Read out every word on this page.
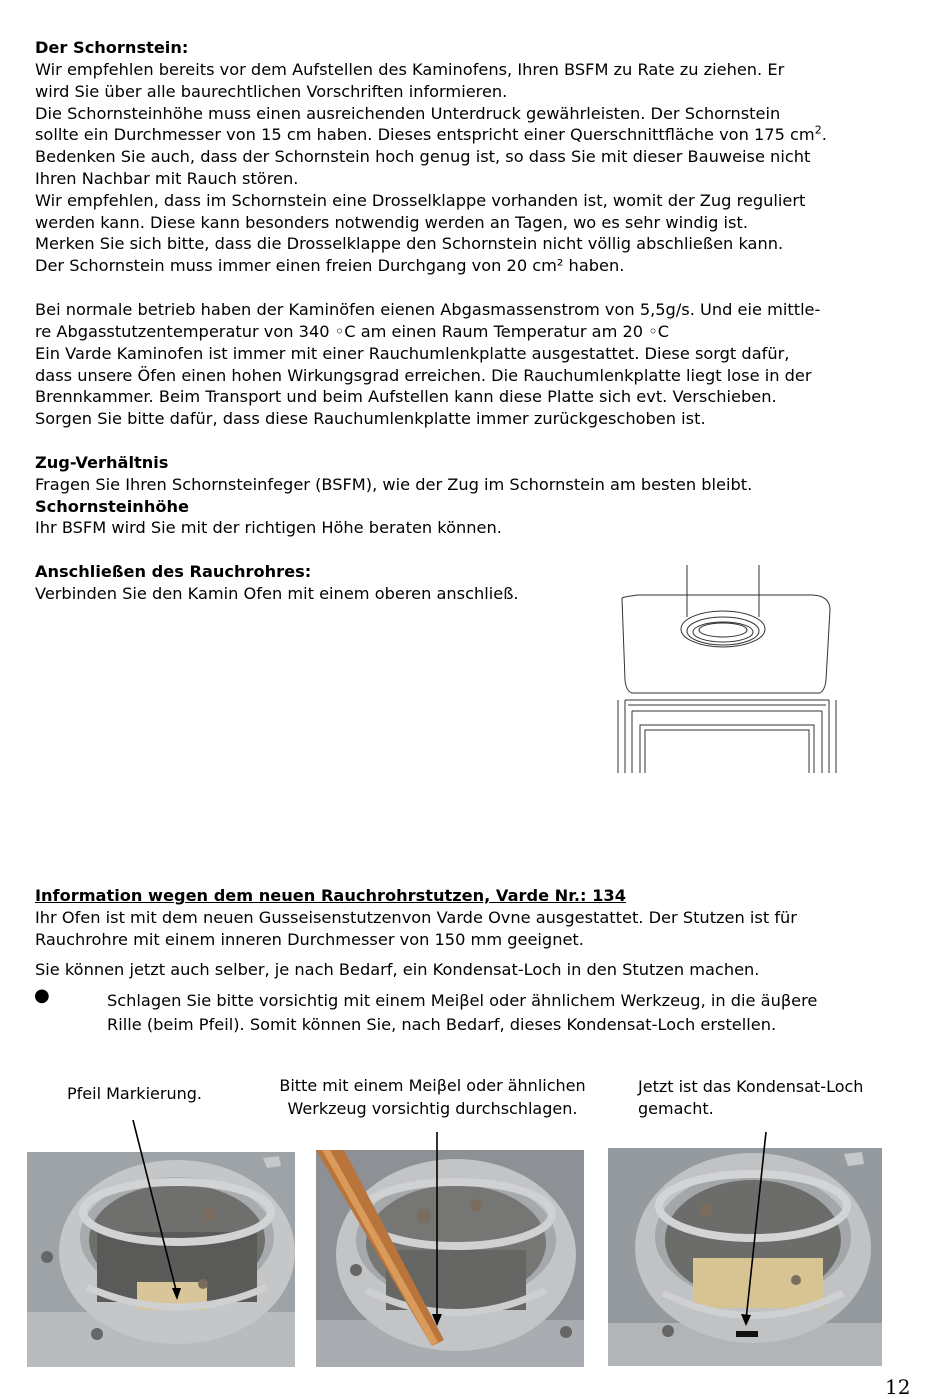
Der Schornstein:
Wir empfehlen bereits vor dem Aufstellen des Kaminofens, Ihren BSFM zu Rate zu ziehen. Er
wird Sie über alle baurechtlichen Vorschriften informieren.
Die Schornsteinhöhe muss einen ausreichenden Unterdruck gewährleisten. Der Schornstein
sollte ein Durchmesser von 15 cm haben. Dieses entspricht einer Querschnittfläche von 175 $cm^2$.
Bedenken Sie auch, dass der Schornstein hoch genug ist, so dass Sie mit dieser Bauweise nicht
Ihren Nachbar mit Rauch stören.
Wir empfehlen, dass im Schornstein eine Drosselklappe vorhanden ist, womit der Zug reguliert
werden kann. Diese kann besonders notwendig werden an Tagen, wo es sehr windig ist.
Merken Sie sich bitte, dass die Drosselklappe den Schornstein nicht völlig abschließen kann.
Der Schornstein muss immer einen freien Durchgang von 20 cm² haben.
Bei normale betrieb haben der Kaminöfen eienen Abgasmassenstrom von 5,5g/s. Und eie mittle-
re Abgasstutzentemperatur von 340 ◦C am einen Raum Temperatur am 20 ◦C
Ein Varde Kaminofen ist immer mit einer Rauchumlenkplatte ausgestattet. Diese sorgt dafür,
dass unsere Öfen einen hohen Wirkungsgrad erreichen. Die Rauchumlenkplatte liegt lose in der
Brennkammer. Beim Transport und beim Aufstellen kann diese Platte sich evt. Verschieben.
Sorgen Sie bitte dafür, dass diese Rauchumlenkplatte immer zurückgeschoben ist.
Zug-Verhältnis
Fragen Sie Ihren Schornsteinfeger (BSFM), wie der Zug im Schornstein am besten bleibt.
Schornsteinhöhe
Ihr BSFM wird Sie mit der richtigen Höhe beraten können.
Anschließen des Rauchrohres:
Verbinden Sie den Kamin Ofen mit einem oberen anschließ.
Information wegen dem neuen Rauchrohrstutzen, Varde Nr.: 134
Ihr Ofen ist mit dem neuen Gusseisenstutzenvon Varde Ovne ausgestattet. Der Stutzen ist für
Rauchrohre mit einem inneren Durchmesser von 150 mm geeignet.
Sie können jetzt auch selber, je nach Bedarf, ein Kondensat-Loch in den Stutzen machen.
●	Schlagen Sie bitte vorsichtig mit einem Meiβel oder ähnlichem Werkzeug, in die äuβere
Rille (beim Pfeil). Somit können Sie, nach Bedarf, dieses Kondensat-Loch erstellen.
Pfeil Markierung.	Bitte mit einem Meiβel oder ähnlichen
Werkzeug vorsichtig durchschlagen.
Jetzt ist das Kondensat-Loch
gemacht.
12
